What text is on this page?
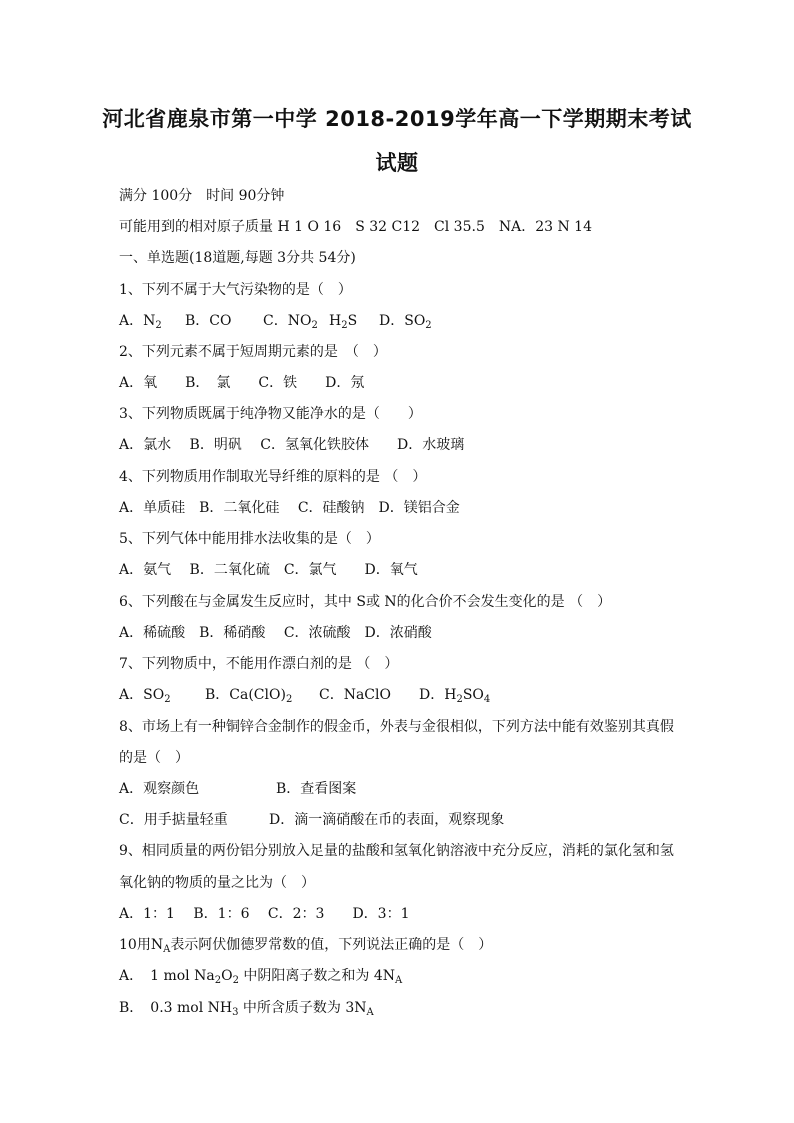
河北省鹿泉市第一中学 2018-2019学年高一下学期期末考试
试题
满分 100分　时间 90分钟
可能用到的相对原子质量 H 1 O 16　S 32 C12　Cl 35.5　NA．23 N 14
一、单选题(18道题,每题 3分共 54分)
1、下列不属于大气污染物的是（　）
A．$N_2$ B．CO C．$NO_2$ $H_2S$ D．$SO_2$
2、下列元素不属于短周期元素的是　（　）
A．氧　　B．　氯　　C．铁　　D．氖
3、下列物质既属于纯净物又能净水的是（　　）
A．氯水　 B．明矾　 C．氢氧化铁胶体　　D．水玻璃
4、下列物质用作制取光导纤维的原料的是 （　）
A．单质硅　B．二氧化硅　 C．硅酸钠　D．镁铝合金
5、下列气体中能用排水法收集的是（　）
A．氨气　 B．二氧化硫　C．氯气　　D．氧气
6、下列酸在与金属发生反应时，其中 S或 N的化合价不会发生变化的是 （　）
A．稀硫酸　B．稀硝酸　 C．浓硫酸　D．浓硝酸
7、下列物质中，不能用作漂白剂的是 （　）
A．$SO_2$ B．$Ca(ClO)_2$ C．NaClO D．$H_2SO_4$
8、市场上有一种铜锌合金制作的假金币，外表与金很相似，下列方法中能有效鉴别其真假
的是（　）
A．观察颜色	B．查看图案
C．用手掂量轻重	D．滴一滴硝酸在币的表面，观察现象
9、相同质量的两份铝分别放入足量的盐酸和氢氧化钠溶液中充分反应，消耗的氯化氢和氢
氧化钠的物质的量之比为（　）
A．1：1　 B．1：6　 C．2：3　　D．3：1
10用$N_A$表示阿伏伽德罗常数的值，下列说法正确的是（　）
A．　1 mol $Na_2O_2$ 中阴阳离子数之和为 $4N_A$
B．　0.3 mol $NH_3$ 中所含质子数为 $3N_A$
